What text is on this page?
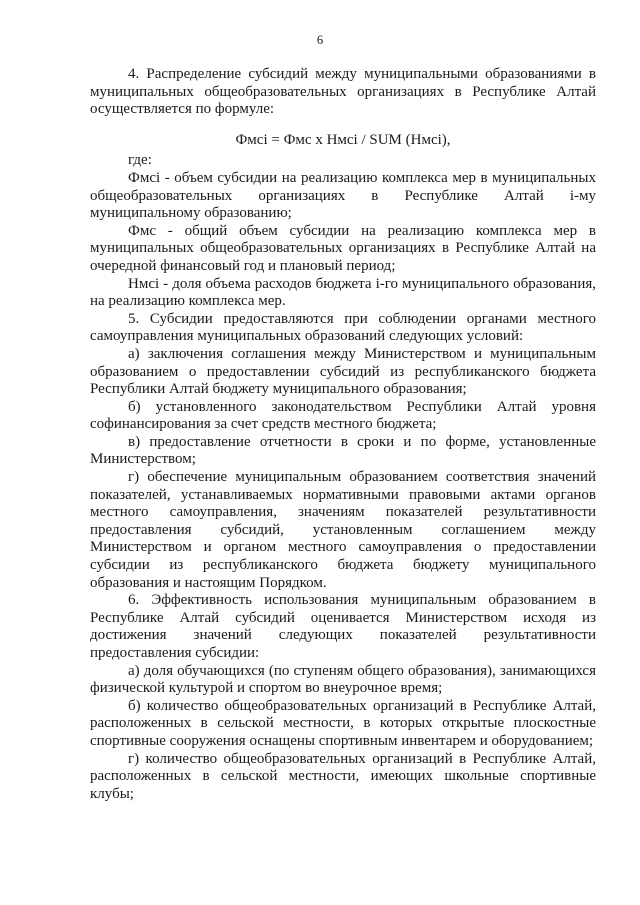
6

4. Распределение субсидий между муниципальными образованиями в муниципальных общеобразовательных организациях в Республике Алтай осуществляется по формуле:

Фмсi = Фмс x Нмсi / SUM (Нмсi),

где:

Фмсi - объем субсидии на реализацию комплекса мер в муниципальных общеобразовательных организациях в Республике Алтай i-му муниципальному образованию;

Фмс - общий объем субсидии на реализацию комплекса мер в муниципальных общеобразовательных организациях в Республике Алтай на очередной финансовый год и плановый период;

Нмсi - доля объема расходов бюджета i-го муниципального образования, на реализацию комплекса мер.

5. Субсидии предоставляются при соблюдении органами местного самоуправления муниципальных образований следующих условий:

а) заключения соглашения между Министерством и муниципальным образованием о предоставлении субсидий из республиканского бюджета Республики Алтай бюджету муниципального образования;

б) установленного законодательством Республики Алтай уровня софинансирования за счет средств местного бюджета;

в) предоставление отчетности в сроки и по форме, установленные Министерством;

г) обеспечение муниципальным образованием соответствия значений показателей, устанавливаемых нормативными правовыми актами органов местного самоуправления, значениям показателей результативности предоставления субсидий, установленным соглашением между Министерством и органом местного самоуправления о предоставлении субсидии из республиканского бюджета бюджету муниципального образования и настоящим Порядком.

6. Эффективность использования муниципальным образованием в Республике Алтай субсидий оценивается Министерством исходя из достижения значений следующих показателей результативности предоставления субсидии:

а) доля обучающихся (по ступеням общего образования), занимающихся физической культурой и спортом во внеурочное время;

б) количество общеобразовательных организаций в Республике Алтай, расположенных в сельской местности, в которых открытые плоскостные спортивные сооружения оснащены спортивным инвентарем и оборудованием;

г) количество общеобразовательных организаций в Республике Алтай, расположенных в сельской местности, имеющих школьные спортивные клубы;
